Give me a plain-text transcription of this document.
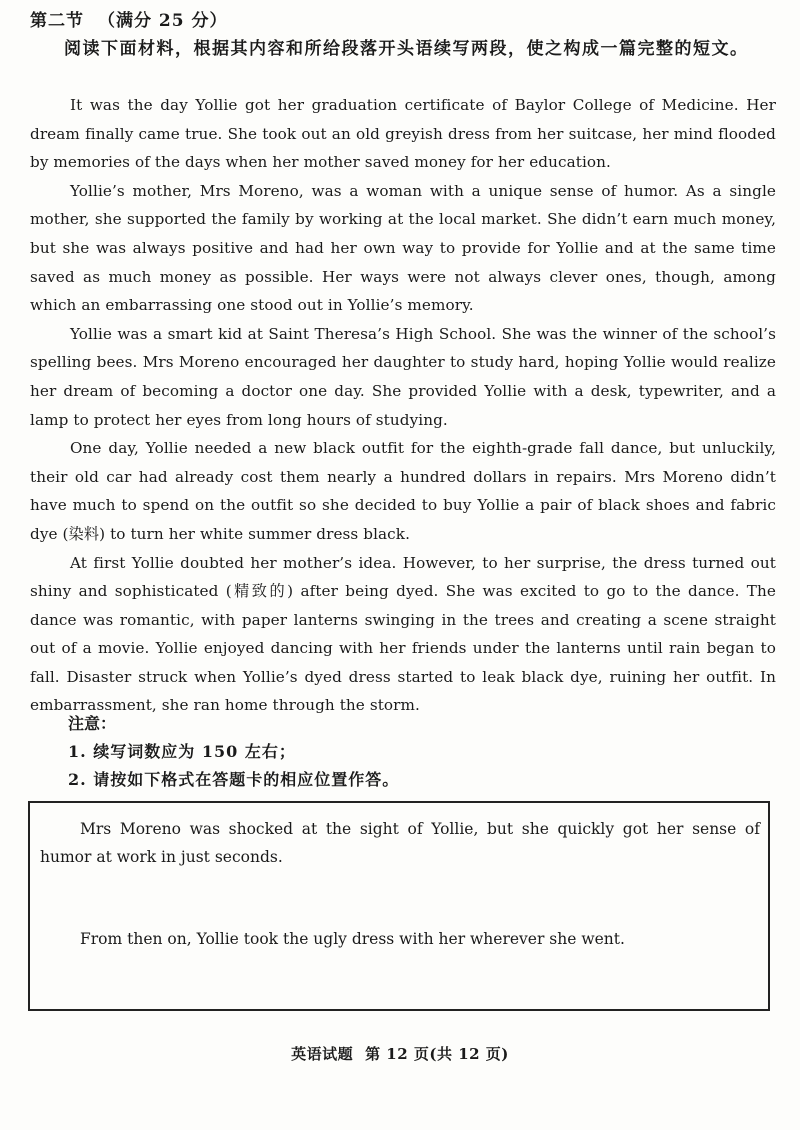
第二节 （满分 25 分）
阅读下面材料，根据其内容和所给段落开头语续写两段，使之构成一篇完整的短文。

It was the day Yollie got her graduation certificate of Baylor College of Medicine. Her dream finally came true. She took out an old greyish dress from her suitcase, her mind flooded by memories of the days when her mother saved money for her education.

Yollie’s mother, Mrs Moreno, was a woman with a unique sense of humor. As a single mother, she supported the family by working at the local market. She didn’t earn much money, but she was always positive and had her own way to provide for Yollie and at the same time saved as much money as possible. Her ways were not always clever ones, though, among which an embarrassing one stood out in Yollie’s memory.

Yollie was a smart kid at Saint Theresa’s High School. She was the winner of the school’s spelling bees. Mrs Moreno encouraged her daughter to study hard, hoping Yollie would realize her dream of becoming a doctor one day. She provided Yollie with a desk, typewriter, and a lamp to protect her eyes from long hours of studying.

One day, Yollie needed a new black outfit for the eighth-grade fall dance, but unluckily, their old car had already cost them nearly a hundred dollars in repairs. Mrs Moreno didn’t have much to spend on the outfit so she decided to buy Yollie a pair of black shoes and fabric dye (染料) to turn her white summer dress black.

At first Yollie doubted her mother’s idea. However, to her surprise, the dress turned out shiny and sophisticated (精致的) after being dyed. She was excited to go to the dance. The dance was romantic, with paper lanterns swinging in the trees and creating a scene straight out of a movie. Yollie enjoyed dancing with her friends under the lanterns until rain began to fall. Disaster struck when Yollie’s dyed dress started to leak black dye, ruining her outfit. In embarrassment, she ran home through the storm.

注意：
1. 续写词数应为 150 左右；
2. 请按如下格式在答题卡的相应位置作答。

Mrs Moreno was shocked at the sight of Yollie, but she quickly got her sense of humor at work in just seconds.

From then on, Yollie took the ugly dress with her wherever she went.

英语试题 第 12 页(共 12 页)
